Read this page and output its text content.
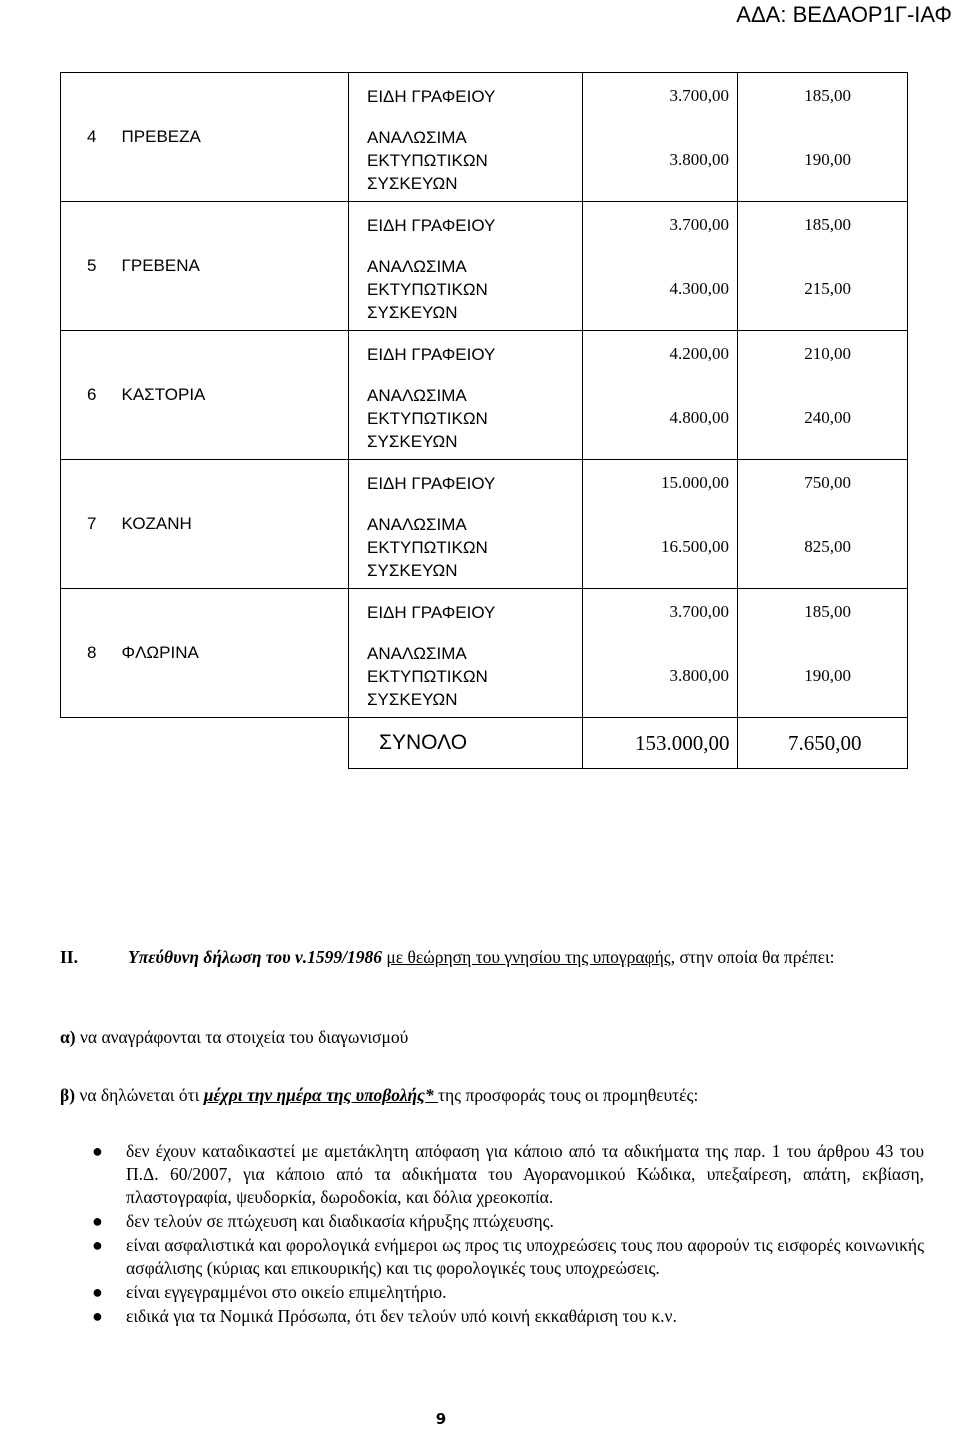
ΑΔΑ: ΒΕΔΑΟΡ1Γ-ΙΑΦ
4	ΠΡΕΒΕΖΑ	ΕΙΔΗ ΓΡΑΦΕΙΟΥ	3.700,00	185,00
		ΑΝΑΛΩΣΙΜΑ ΕΚΤΥΠΩΤΙΚΩΝ ΣΥΣΚΕΥΩΝ	3.800,00	190,00
5	ΓΡΕΒΕΝΑ	ΕΙΔΗ ΓΡΑΦΕΙΟΥ	3.700,00	185,00
		ΑΝΑΛΩΣΙΜΑ ΕΚΤΥΠΩΤΙΚΩΝ ΣΥΣΚΕΥΩΝ	4.300,00	215,00
6	ΚΑΣΤΟΡΙΑ	ΕΙΔΗ ΓΡΑΦΕΙΟΥ	4.200,00	210,00
		ΑΝΑΛΩΣΙΜΑ ΕΚΤΥΠΩΤΙΚΩΝ ΣΥΣΚΕΥΩΝ	4.800,00	240,00
7	ΚΟΖΑΝΗ	ΕΙΔΗ ΓΡΑΦΕΙΟΥ	15.000,00	750,00
		ΑΝΑΛΩΣΙΜΑ ΕΚΤΥΠΩΤΙΚΩΝ ΣΥΣΚΕΥΩΝ	16.500,00	825,00
8	ΦΛΩΡΙΝΑ	ΕΙΔΗ ΓΡΑΦΕΙΟΥ	3.700,00	185,00
		ΑΝΑΛΩΣΙΜΑ ΕΚΤΥΠΩΤΙΚΩΝ ΣΥΣΚΕΥΩΝ	3.800,00	190,00
		ΣΥΝΟΛΟ	153.000,00	7.650,00
ΙΙ.	Υπεύθυνη δήλωση του ν.1599/1986 με θεώρηση του γνησίου της υπογραφής, στην οποία θα πρέπει:
α) να αναγράφονται τα στοιχεία του διαγωνισμού
β) να δηλώνεται ότι μέχρι την ημέρα της υποβολής* της προσφοράς τους οι προμηθευτές:
● δεν έχουν καταδικαστεί με αμετάκλητη απόφαση για κάποιο από τα αδικήματα της παρ. 1 του άρθρου 43 του Π.Δ. 60/2007, για κάποιο από τα αδικήματα του Αγορανομικού Κώδικα, υπεξαίρεση, απάτη, εκβίαση, πλαστογραφία, ψευδορκία, δωροδοκία, και δόλια χρεοκοπία.
● δεν τελούν σε πτώχευση και διαδικασία κήρυξης πτώχευσης.
● είναι ασφαλιστικά και φορολογικά ενήμεροι ως προς τις υποχρεώσεις τους που αφορούν τις εισφορές κοινωνικής ασφάλισης (κύριας και επικουρικής) και τις φορολογικές τους υποχρεώσεις.
● είναι εγγεγραμμένοι στο οικείο επιμελητήριο.
● ειδικά για τα Νομικά Πρόσωπα, ότι δεν τελούν υπό κοινή εκκαθάριση του κ.ν.
9
